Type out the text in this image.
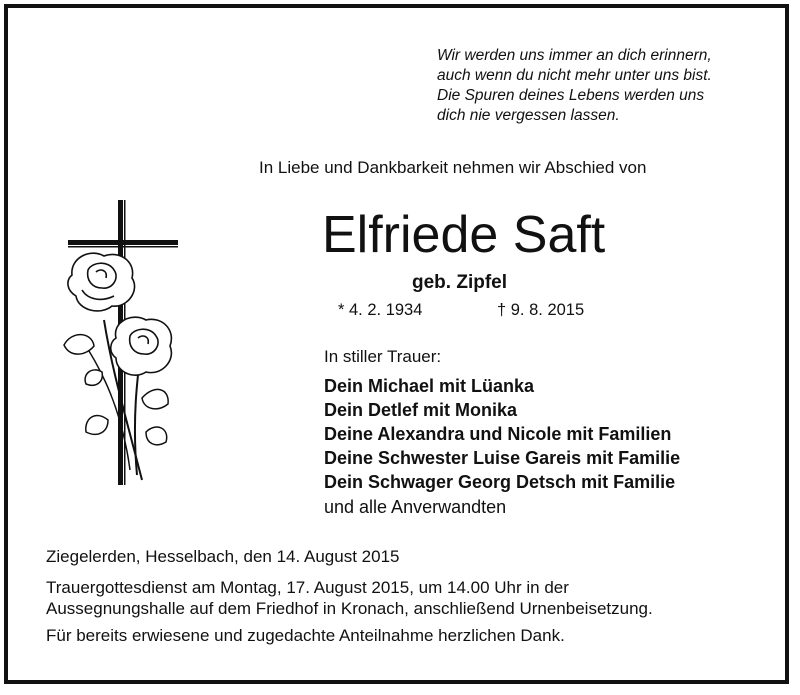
Wir werden uns immer an dich erinnern,
auch wenn du nicht mehr unter uns bist.
Die Spuren deines Lebens werden uns
dich nie vergessen lassen.
In Liebe und Dankbarkeit nehmen wir Abschied von
Elfriede Saft
geb. Zipfel
* 4. 2. 1934	† 9. 8. 2015
In stiller Trauer:
Dein Michael mit Lüanka
Dein Detlef mit Monika
Deine Alexandra und Nicole mit Familien
Deine Schwester Luise Gareis mit Familie
Dein Schwager Georg Detsch mit Familie
und alle Anverwandten
Ziegelerden, Hesselbach, den 14. August 2015
Trauergottesdienst am Montag, 17. August 2015, um 14.00 Uhr in der
Aussegnungshalle auf dem Friedhof in Kronach, anschließend Urnenbeisetzung.
Für bereits erwiesene und zugedachte Anteilnahme herzlichen Dank.
